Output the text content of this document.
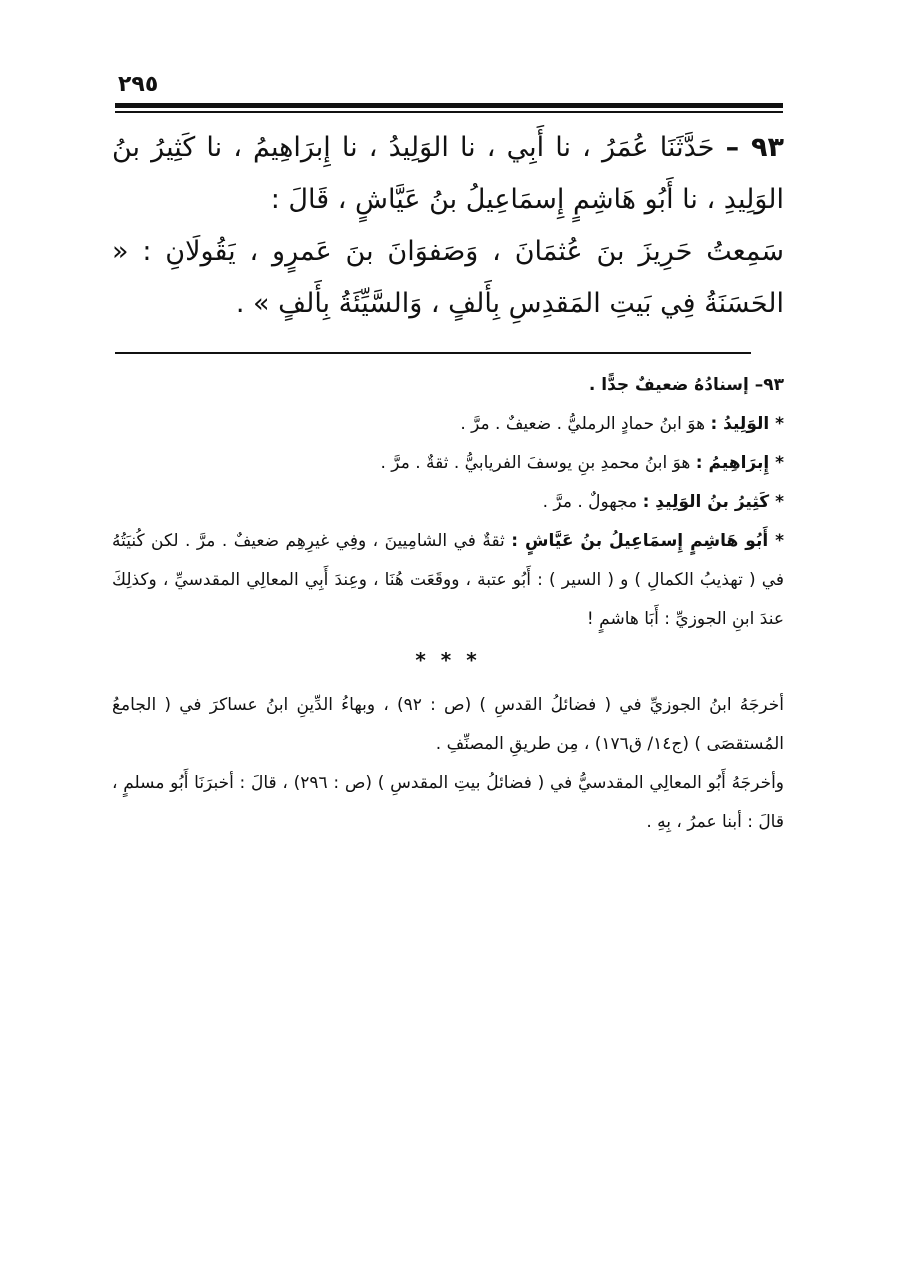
٢٩٥

٩٣ – حَدَّثَنَا عُمَرُ ، نا أَبِي ، نا الوَلِيدُ ، نا إِبرَاهِيمُ ، نا كَثِيرُ بنُ الوَلِيدِ ، نا أَبُو هَاشِمٍ إِسمَاعِيلُ بنُ عَيَّاشٍ ، قَالَ :

سَمِعتُ حَرِيزَ بنَ عُثمَانَ ، وَصَفوَانَ بنَ عَمرٍو ، يَقُولَانِ : « الحَسَنَةُ فِي بَيتِ المَقدِسِ بِأَلفٍ ، وَالسَّيِّئَةُ بِأَلفٍ » .

٩٣– إسنادُهُ ضعيفٌ جدًّا .

* الوَلِيدُ : هوَ ابنُ حمادٍ الرمليُّ . ضعيفٌ . مرَّ .

* إِبرَاهِيمُ : هوَ ابنُ محمدِ بنِ يوسفَ الفريابيُّ . ثقةٌ . مرَّ .

* كَثِيرُ بنُ الوَلِيدِ : مجهولٌ . مرَّ .

* أَبُو هَاشِمٍ إِسمَاعِيلُ بنُ عَيَّاشٍ : ثقةٌ في الشامِيينَ ، وفِي غيرِهِم ضعيفٌ . مرَّ . لكن كُنيَتُهُ في ( تهذيبُ الكمالِ ) و ( السير ) : أَبُو عتبة ، ووقَعَت هُنَا ، وعِندَ أَبِي المعالِي المقدسيِّ ، وكذلِكَ عندَ ابنِ الجوزيِّ : أَبَا هاشمٍ !

* * *

أخرجَهُ ابنُ الجوزيِّ في ( فضائلُ القدسِ ) (ص : ٩٢) ، وبهاءُ الدِّينِ ابنُ عساكرَ في ( الجامعُ المُستقصَى ) (ج١٤/ ق١٧٦) ، مِن طريقِ المصنِّفِ .

وأخرجَهُ أَبُو المعالِي المقدسيُّ في ( فضائلُ بيتِ المقدسِ ) (ص : ٢٩٦) ، قالَ : أخبرَنَا أَبُو مسلمٍ ، قالَ : أبنا عمرُ ، بِهِ .
